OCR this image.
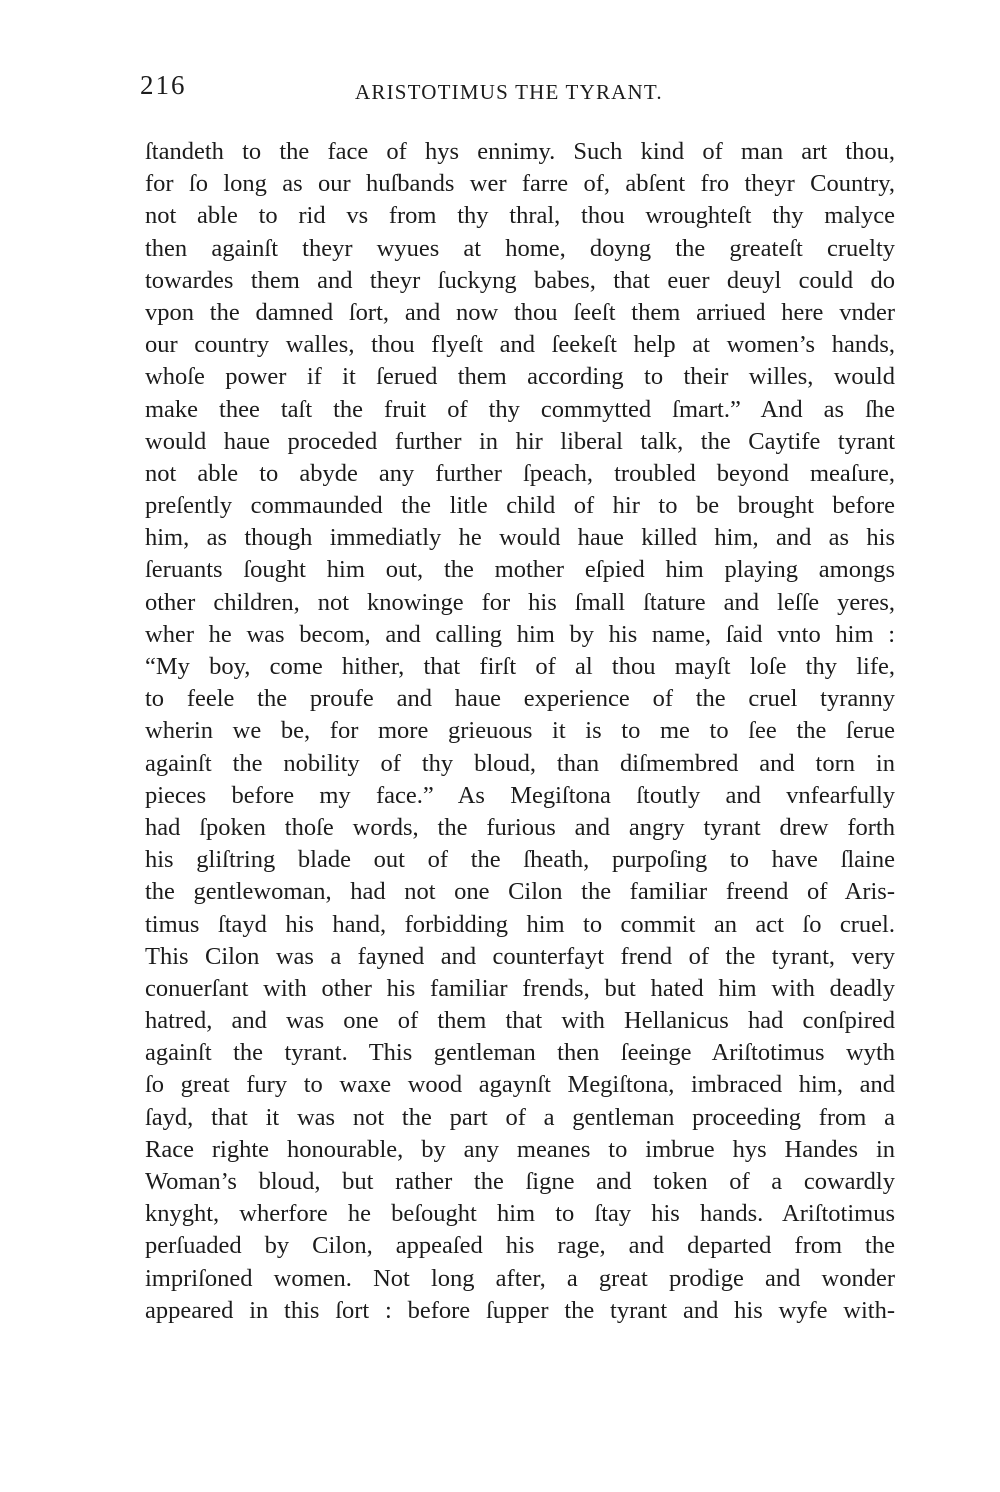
216	ARISTOTIMUS THE TYRANT.
ſtandeth to the face of hys ennimy. Such kind of man art thou,
for ſo long as our huſbands wer farre of, abſent fro theyr Country,
not able to rid vs from thy thral, thou wroughteſt thy malyce
then againſt theyr wyues at home, doyng the greateſt cruelty
towardes them and theyr ſuckyng babes, that euer deuyl could do
vpon the damned ſort, and now thou ſeeſt them arriued here vnder
our country walles, thou flyeſt and ſeekeſt help at women’s hands,
whoſe power if it ſerued them according to their willes, would
make thee taſt the fruit of thy commytted ſmart.” And as ſhe
would haue proceded further in hir liberal talk, the Caytife tyrant
not able to abyde any further ſpeach, troubled beyond meaſure,
preſently commaunded the litle child of hir to be brought before
him, as though immediatly he would haue killed him, and as his
ſeruants ſought him out, the mother eſpied him playing amongs
other children, not knowinge for his ſmall ſtature and leſſe yeres,
wher he was becom, and calling him by his name, ſaid vnto him :
“My boy, come hither, that firſt of al thou mayſt loſe thy life,
to feele the proufe and haue experience of the cruel tyranny
wherin we be, for more grieuous it is to me to ſee the ſerue
againſt the nobility of thy bloud, than diſmembred and torn in
pieces before my face.” As Megiſtona ſtoutly and vnfearfully
had ſpoken thoſe words, the furious and angry tyrant drew forth
his gliſtring blade out of the ſheath, purpoſing to have ſlaine
the gentlewoman, had not one Cilon the familiar freend of Aris-
timus ſtayd his hand, forbidding him to commit an act ſo cruel.
This Cilon was a fayned and counterfayt frend of the tyrant, very
conuerſant with other his familiar frends, but hated him with deadly
hatred, and was one of them that with Hellanicus had conſpired
againſt the tyrant. This gentleman then ſeeinge Ariſtotimus wyth
ſo great fury to waxe wood agaynſt Megiſtona, imbraced him, and
ſayd, that it was not the part of a gentleman proceeding from a
Race righte honourable, by any meanes to imbrue hys Handes in
Woman’s bloud, but rather the ſigne and token of a cowardly
knyght, wherfore he beſought him to ſtay his hands. Ariſtotimus
perſuaded by Cilon, appeaſed his rage, and departed from the
impriſoned women. Not long after, a great prodige and wonder
appeared in this ſort : before ſupper the tyrant and his wyfe with-
